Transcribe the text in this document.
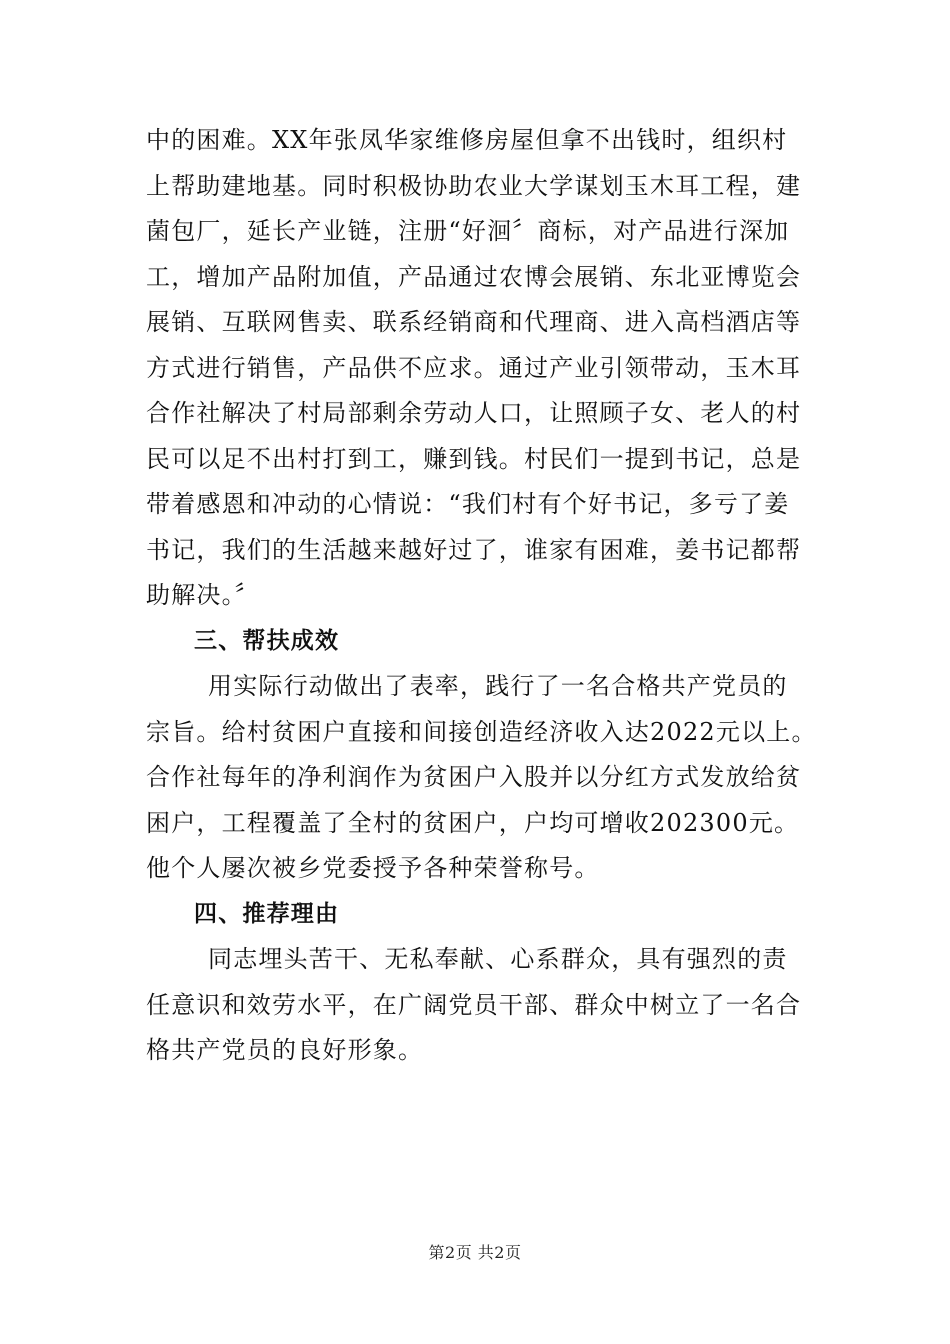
中的困难。XX年张凤华家维修房屋但拿不出钱时，组织村
上帮助建地基。同时积极协助农业大学谋划玉木耳工程，建
菌包厂，延长产业链，注册“好洄〞商标，对产品进行深加
工，增加产品附加值，产品通过农博会展销、东北亚博览会
展销、互联网售卖、联系经销商和代理商、进入高档酒店等
方式进行销售，产品供不应求。通过产业引领带动，玉木耳
合作社解决了村局部剩余劳动人口，让照顾子女、老人的村
民可以足不出村打到工，赚到钱。村民们一提到书记，总是
带着感恩和冲动的心情说：“我们村有个好书记，多亏了姜
书记，我们的生活越来越好过了，谁家有困难，姜书记都帮
助解决。〞
三、帮扶成效
用实际行动做出了表率，践行了一名合格共产党员的
宗旨。给村贫困户直接和间接创造经济收入达2022元以上。
合作社每年的净利润作为贫困户入股并以分红方式发放给贫
困户，工程覆盖了全村的贫困户，户均可增收202300元。
他个人屡次被乡党委授予各种荣誉称号。
四、推荐理由
同志埋头苦干、无私奉献、心系群众，具有强烈的责
任意识和效劳水平，在广阔党员干部、群众中树立了一名合
格共产党员的良好形象。
第2页 共2页
